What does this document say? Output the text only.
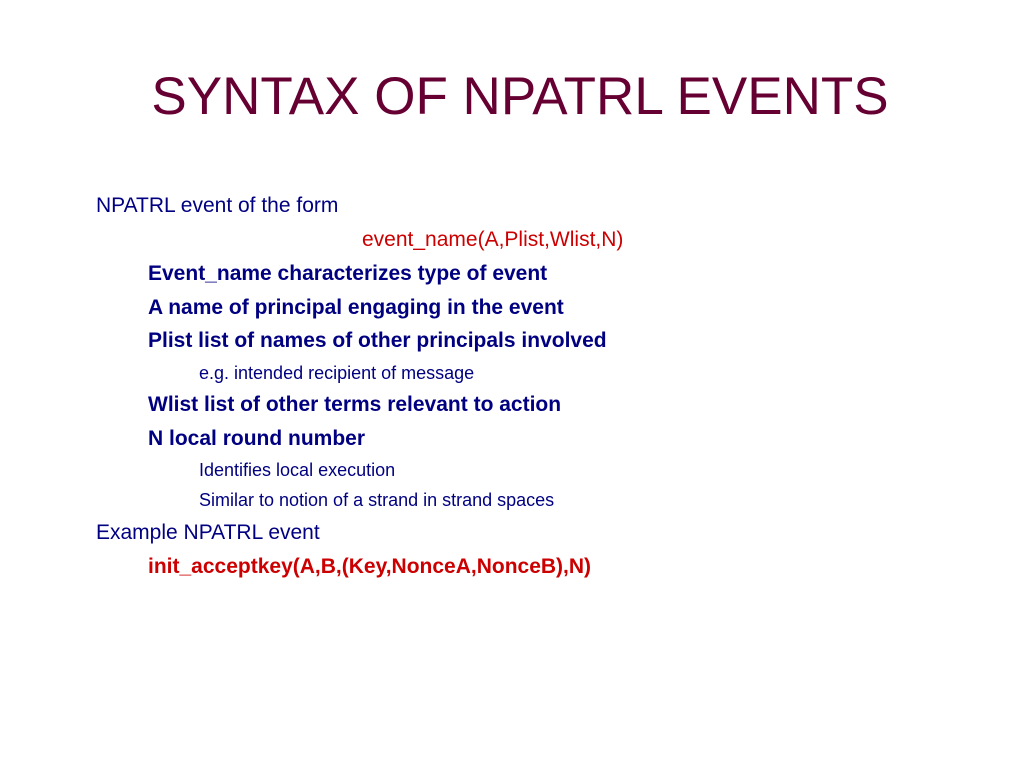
SYNTAX OF NPATRL EVENTS
NPATRL event of the form
event_name(A,Plist,Wlist,N)
Event_name characterizes type of event
A name of principal engaging in the event
Plist list of names of other principals involved
e.g. intended recipient of message
Wlist list of other terms relevant to action
N local round number
Identifies local execution
Similar to notion of a strand in strand spaces
Example NPATRL event
init_acceptkey(A,B,(Key,NonceA,NonceB),N)
